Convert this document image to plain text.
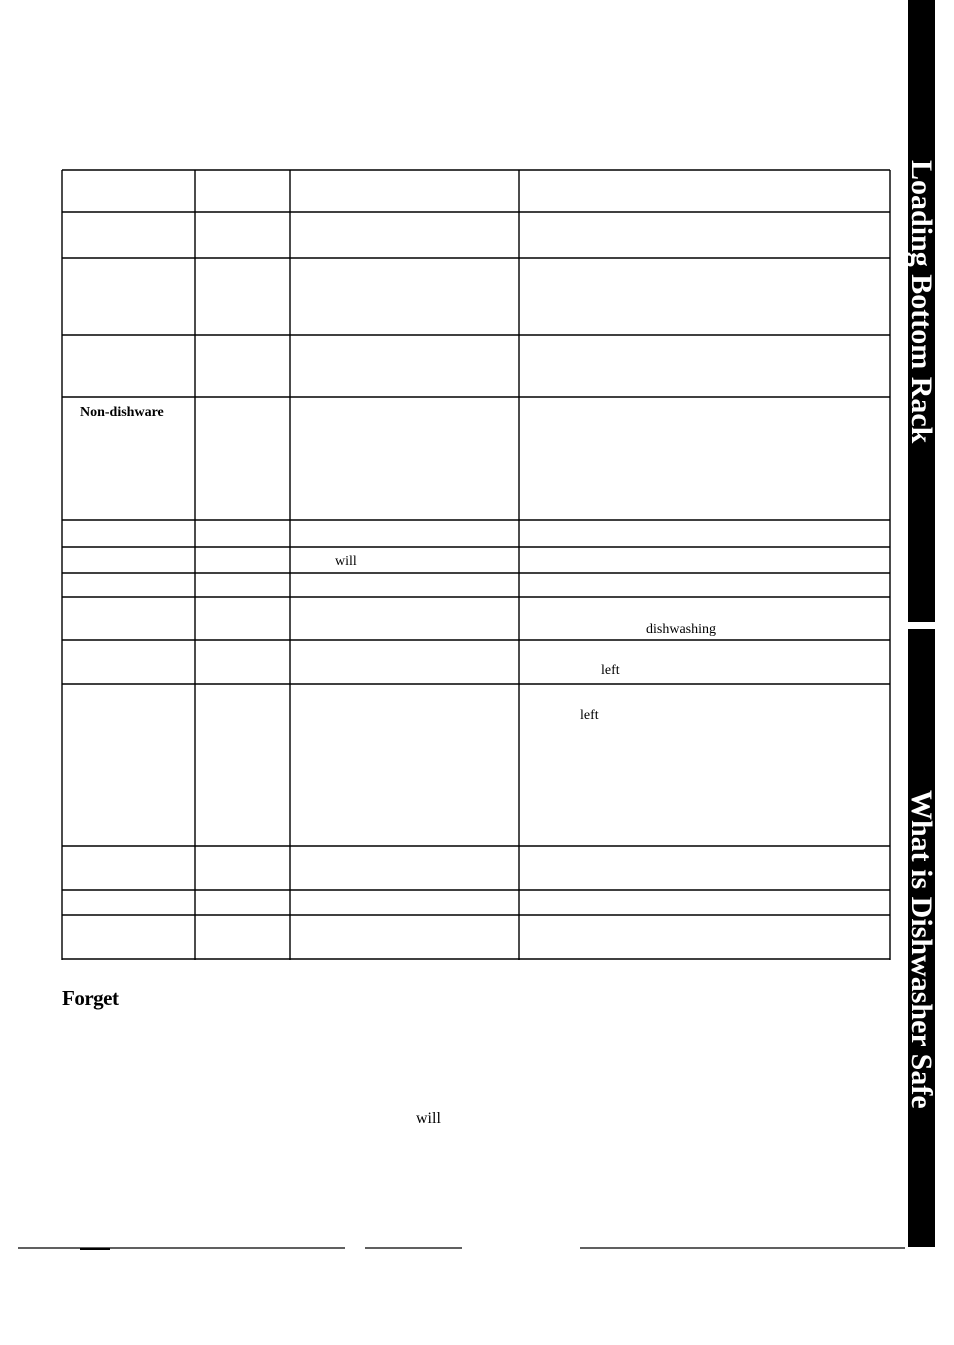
Non-dishware
will
dishwashing
left
left
Forget
will
Loading Bottom Rack
What is Dishwasher Safe
